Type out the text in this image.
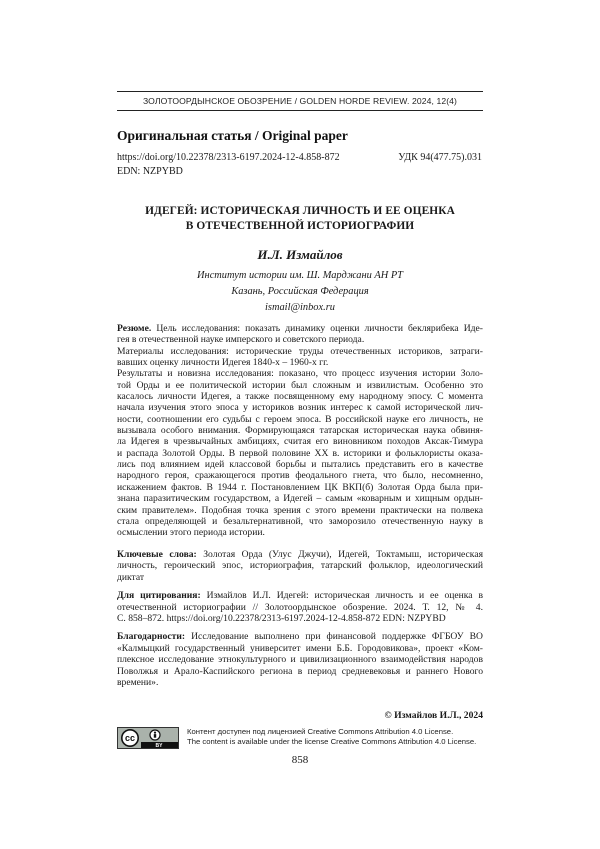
ЗОЛОТООРДЫНСКОЕ ОБОЗРЕНИЕ / GOLDEN HORDE REVIEW. 2024, 12(4)
Оригинальная статья / Original paper
https://doi.org/10.22378/2313-6197.2024-12-4.858-872	УДК 94(477.75).031
EDN: NZPYBD
ИДЕГЕЙ: ИСТОРИЧЕСКАЯ ЛИЧНОСТЬ И ЕЕ ОЦЕНКА
В ОТЕЧЕСТВЕННОЙ ИСТОРИОГРАФИИ
И.Л. Измайлов
Институт истории им. Ш. Марджани АН РТ
Казань, Российская Федерация
ismail@inbox.ru
Резюме. Цель исследования: показать динамику оценки личности беклярибека Иде-
гея в отечественной науке имперского и советского периода.
Материалы исследования: исторические труды отечественных историков, затраги-
вавших оценку личности Идегея 1840-х – 1960-х гг.
Результаты и новизна исследования: показано, что процесс изучения истории Золо-
той Орды и ее политической истории был сложным и извилистым. Особенно это
касалось личности Идегея, а также посвященному ему народному эпосу. С момента
начала изучения этого эпоса у историков возник интерес к самой исторической лич-
ности, соотношении его судьбы с героем эпоса. В российской науке его личность, не
вызывала особого внимания. Формирующаяся татарская историческая наука обвиня-
ла Идегея в чрезвычайных амбициях, считая его виновником походов Аксак-Тимура
и распада Золотой Орды. В первой половине ХХ в. историки и фольклористы оказа-
лись под влиянием идей классовой борьбы и пытались представить его в качестве
народного героя, сражающегося против феодального гнета, что было, несомненно,
искажением фактов. В 1944 г. Постановлением ЦК ВКП(б) Золотая Орда была при-
знана паразитическим государством, а Идегей – самым «коварным и хищным ордын-
ским правителем». Подобная точка зрения с этого времени практически на полвека
стала определяющей и безальтернативной, что заморозило отечественную науку в
осмыслении этого периода истории.
Ключевые слова: Золотая Орда (Улус Джучи), Идегей, Токтамыш, историческая
личность, героический эпос, историография, татарский фольклор, идеологический
диктат
Для цитирования: Измайлов И.Л. Идегей: историческая личность и ее оценка в
отечественной историографии // Золотоордынское обозрение. 2024. Т. 12, № 4.
С. 858–872. https://doi.org/10.22378/2313-6197.2024-12-4.858-872 EDN: NZPYBD
Благодарности: Исследование выполнено при финансовой поддержке ФГБОУ ВО
«Калмыцкий государственный университет имени Б.Б. Городовикова», проект «Ком-
плексное исследование этнокультурного и цивилизационного взаимодействия народов
Поволжья и Арало-Каспийского региона в период средневековья и раннего Нового
времени».
© Измайлов И.Л., 2024
cc
BY
Контент доступен под лицензией Creative Commons Attribution 4.0 License.
The content is available under the license Creative Commons Attribution 4.0 License.
858
